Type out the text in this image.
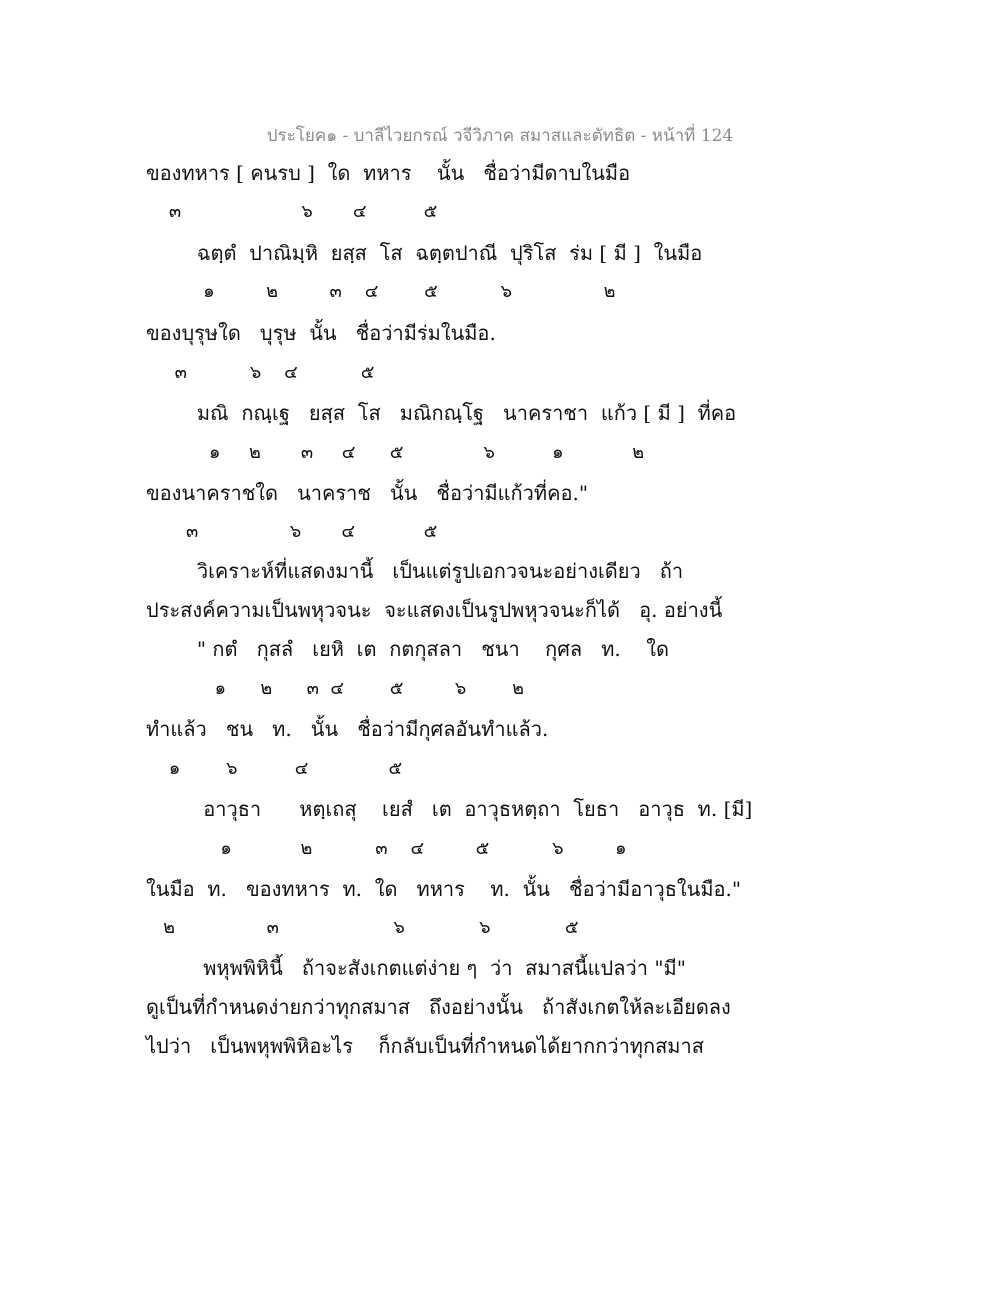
ประโยค๑ - บาลีไวยกรณ์ วจีวิภาค สมาสและตัทธิต - หน้าที่ 124
ของทหาร [ คนรบ ]  ใด  ทหาร    นั้น   ชื่อว่ามีดาบในมือ
๓                     ๖       ๔          ๕
ฉตฺตํ  ปาณิมฺหิ  ยสฺส  โส  ฉตฺตปาณี  ปุริโส  ร่ม [ มี ]  ในมือ
๑         ๒         ๓    ๔        ๕           ๖                ๒
ของบุรุษใด   บุรุษ  นั้น   ชื่อว่ามีร่มในมือ.
๓           ๖    ๔           ๕
มณิ  กณฺเฐ   ยสฺส  โส   มณิกณฺโฐ   นาคราชา  แก้ว [ มี ]  ที่คอ
๑     ๒       ๓     ๔      ๕              ๖          ๑            ๒
ของนาคราชใด   นาคราช   นั้น   ชื่อว่ามีแก้วที่คอ."
๓                ๖       ๔            ๕
วิเคราะห์ที่แสดงมานี้   เป็นแต่รูปเอกวจนะอย่างเดียว   ถ้า
ประสงค์ความเป็นพหุวจนะ  จะแสดงเป็นรูปพหุวจนะก็ได้   อุ. อย่างนี้
" กตํ   กุสลํ   เยหิ  เต  กตกุสลา   ชนา    กุศล   ท.    ใด
๑      ๒      ๓  ๔        ๕         ๖        ๒
ทำแล้ว   ชน   ท.   นั้น   ชื่อว่ามีกุศลอันทำแล้ว.
๑        ๖          ๔              ๕
อาวุธา      หตฺเถสุ    เยสํ   เต  อาวุธหตฺถา  โยธา   อาวุธ  ท. [มี]
๑            ๒           ๓    ๔         ๕           ๖         ๑
ในมือ  ท.   ของทหาร  ท.  ใด   ทหาร    ท.  นั้น   ชื่อว่ามีอาวุธในมือ."
๒                ๓                    ๖             ๖             ๕
พหุพพิหินี้   ถ้าจะสังเกตแต่ง่าย ๆ  ว่า  สมาสนี้แปลว่า "มี"
ดูเป็นที่กำหนดง่ายกว่าทุกสมาส   ถึงอย่างนั้น   ถ้าสังเกตให้ละเอียดลง
ไปว่า   เป็นพหุพพิหิอะไร    ก็กลับเป็นที่กำหนดได้ยากกว่าทุกสมาส
